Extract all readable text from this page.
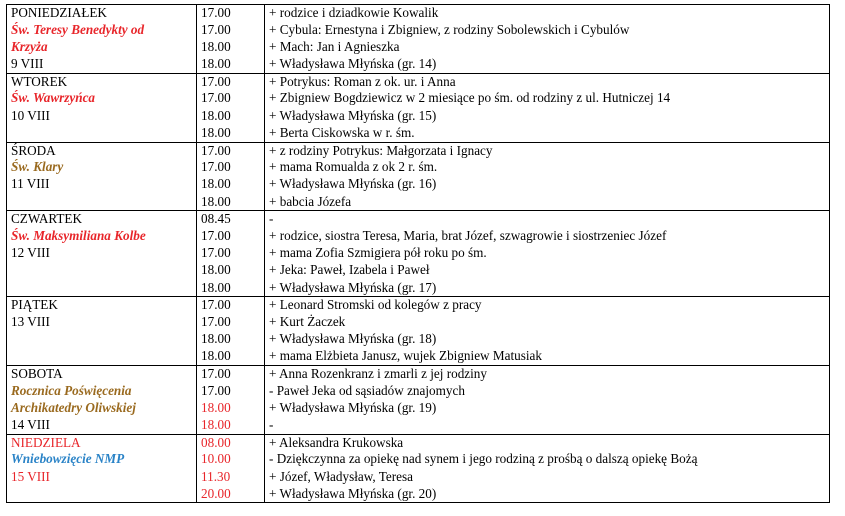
PONIEDZIAŁEK	17.00	+ rodzice i dziadkowie Kowalik
Św. Teresy Benedykty od	17.00	+ Cybula: Ernestyna i Zbigniew, z rodziny Sobolewskich i Cybulów
Krzyża	18.00	+ Mach: Jan i Agnieszka
9 VIII	18.00	+ Władysława Młyńska (gr. 14)
WTOREK	17.00	+ Potrykus: Roman z ok. ur. i Anna
Św. Wawrzyńca	17.00	+ Zbigniew Bogdziewicz w 2 miesiące po śm. od rodziny z ul. Hutniczej 14
10 VIII	18.00	+ Władysława Młyńska (gr. 15)
	18.00	+ Berta Ciskowska w r. śm.
ŚRODA	17.00	+ z rodziny Potrykus: Małgorzata i Ignacy
Św. Klary	17.00	+ mama Romualda z ok 2 r. śm.
11 VIII	18.00	+ Władysława Młyńska (gr. 16)
	18.00	+ babcia Józefa
CZWARTEK	08.45	-
Św. Maksymiliana Kolbe	17.00	+ rodzice, siostra Teresa, Maria, brat Józef, szwagrowie i siostrzeniec Józef
12 VIII	17.00	+ mama Zofia Szmigiera pół roku po śm.
	18.00	+ Jeka: Paweł, Izabela i Paweł
	18.00	+ Władysława Młyńska (gr. 17)
PIĄTEK	17.00	+ Leonard Stromski od kolegów z pracy
13 VIII	17.00	+ Kurt Żaczek
	18.00	+ Władysława Młyńska (gr. 18)
	18.00	+ mama Elżbieta Janusz, wujek Zbigniew Matusiak
SOBOTA	17.00	+ Anna Rozenkranz i zmarli z jej rodziny
Rocznica Poświęcenia	17.00	- Paweł Jeka od sąsiadów znajomych
Archikatedry Oliwskiej	18.00	+ Władysława Młyńska (gr. 19)
14 VIII	18.00	-
NIEDZIELA	08.00	+ Aleksandra Krukowska
Wniebowzięcie NMP	10.00	- Dziękczynna za opiekę nad synem i jego rodziną z prośbą o dalszą opiekę Bożą
15 VIII	11.30	+ Józef, Władysław, Teresa
	20.00	+ Władysława Młyńska (gr. 20)
